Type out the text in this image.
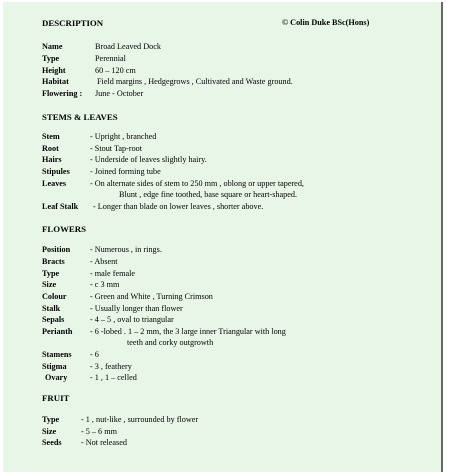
DESCRIPTION	© Colin Duke BSc(Hons)
Name	Broad Leaved Dock
Type	Perennial
Height	60 – 120 cm
Habitat	Field margins , Hedgegrows , Cultivated and Waste ground.
Flowering : June - October
STEMS & LEAVES
Stem	- Upright , branched
Root	- Stout Tap-root
Hairs	- Underside of leaves slightly hairy.
Stipules - Joined forming tube
Leaves	- On alternate sides of stem to 250 mm , oblong or upper tapered,
Blunt , edge fine toothed, base square or heart-shaped.
Leaf Stalk - Longer than blade on lower leaves , shorter above.
FLOWERS
Position - Numerous , in rings.
Bracts	- Absent
Type	- male female
Size	- c 3 mm
Colour	- Green and White , Turning Crimson
Stalk	- Usually longer than flower
Sepals	- 4 – 5 , oval to triangular
Perianth - 6 -lobed . 1 – 2 mm, the 3 large inner Triangular with long
teeth and corky outgrowth
Stamens - 6
Stigma	- 3 , feathery
Ovary	- 1 , 1 – celled
FRUIT
Type	- 1 , nut-like , surrounded by flower
Size	- 5 – 6 mm
Seeds - Not released
